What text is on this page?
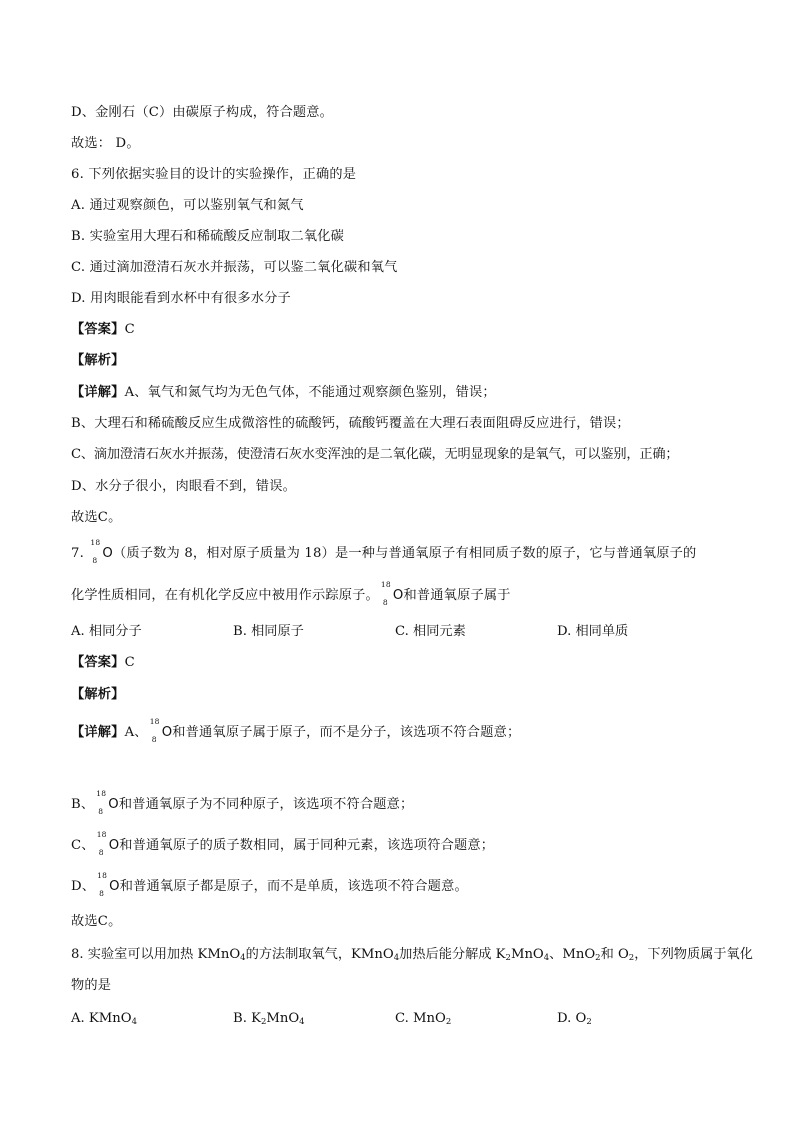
D、金刚石（C）由碳原子构成，符合题意。
故选： D。
6. 下列依据实验目的设计的实验操作，正确的是
A. 通过观察颜色，可以鉴别氧气和氮气
B. 实验室用大理石和稀硫酸反应制取二氧化碳
C. 通过滴加澄清石灰水并振荡，可以鉴二氧化碳和氧气
D. 用肉眼能看到水杯中有很多水分子
【答案】C
【解析】
【详解】A、氧气和氮气均为无色气体，不能通过观察颜色鉴别，错误；
B、大理石和稀硫酸反应生成微溶性的硫酸钙，硫酸钙覆盖在大理石表面阻碍反应进行，错误；
C、滴加澄清石灰水并振荡，使澄清石灰水变浑浊的是二氧化碳，无明显现象的是氧气，可以鉴别，正确；
D、水分子很小，肉眼看不到，错误。
故选C。
7.
18
8 O（质子数为 8，相对原子质量为 18）是一种与普通氧原子有相同质子数的原子，它与普通氧原子的
化学性质相同，在有机化学反应中被用作示踪原子。
18
8 O和普通氧原子属于
A. 相同分子	B. 相同原子	C. 相同元素	D. 相同单质
【答案】C
【解析】
【详解】A、
18
8 O和普通氧原子属于原子，而不是分子，该选项不符合题意；
B、
18
8 O和普通氧原子为不同种原子，该选项不符合题意；
C、
18
8 O和普通氧原子的质子数相同，属于同种元素，该选项符合题意；
D、
18
8 O和普通氧原子都是原子，而不是单质，该选项不符合题意。
故选C。
8. 实验室可以用加热 KMnO$_4$的方法制取氧气，KMnO$_4$加热后能分解成 $K_2MnO_4$、MnO$_2$和 $O_2$，下列物质属于氧化
物的是
A. KMnO$_4$	B. $K_2MnO_4$	C. MnO$_2$	D. $O_2$
